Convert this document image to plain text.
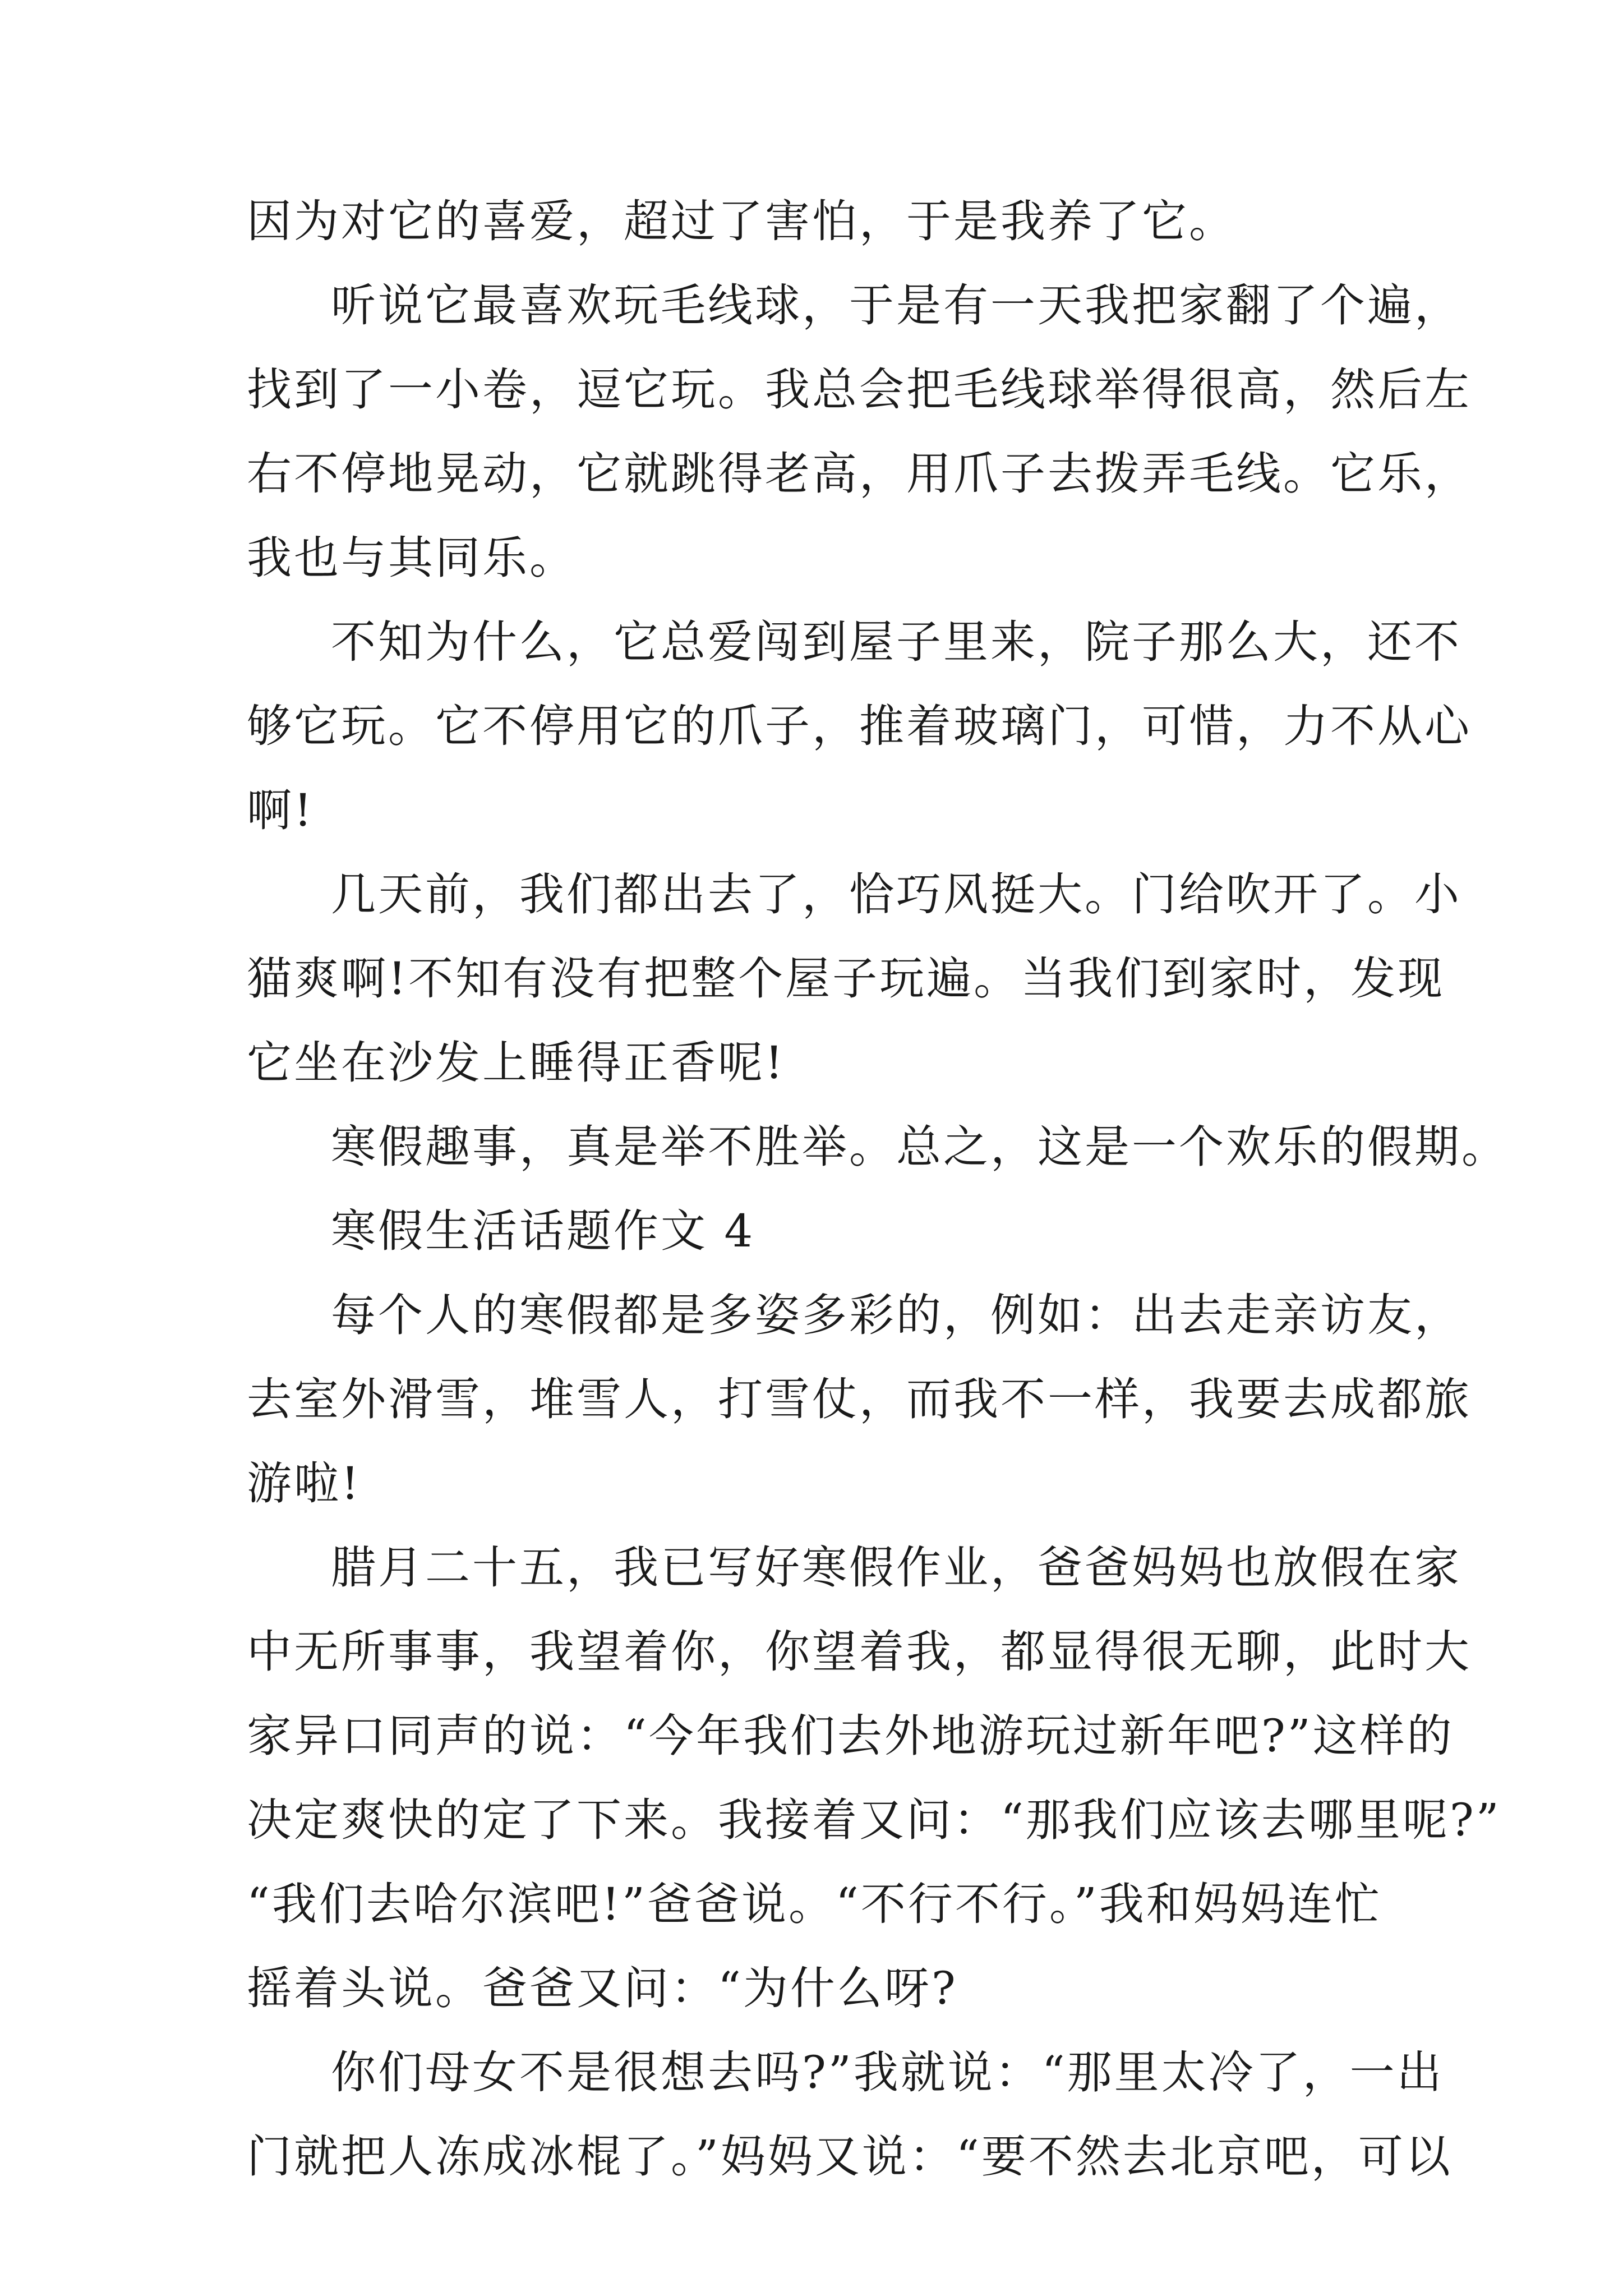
因为对它的喜爱，超过了害怕，于是我养了它。
听说它最喜欢玩毛线球，于是有一天我把家翻了个遍，
找到了一小卷，逗它玩。我总会把毛线球举得很高，然后左
右不停地晃动，它就跳得老高，用爪子去拨弄毛线。它乐，
我也与其同乐。
不知为什么，它总爱闯到屋子里来，院子那么大，还不
够它玩。它不停用它的爪子，推着玻璃门，可惜，力不从心
啊!
几天前，我们都出去了，恰巧风挺大。门给吹开了。小
猫爽啊!不知有没有把整个屋子玩遍。当我们到家时，发现
它坐在沙发上睡得正香呢!
寒假趣事，真是举不胜举。总之，这是一个欢乐的假期。
寒假生活话题作文 4
每个人的寒假都是多姿多彩的，例如：出去走亲访友，
去室外滑雪，堆雪人，打雪仗，而我不一样，我要去成都旅
游啦!
腊月二十五，我已写好寒假作业，爸爸妈妈也放假在家
中无所事事，我望着你，你望着我，都显得很无聊，此时大
家异口同声的说：“今年我们去外地游玩过新年吧?”这样的
决定爽快的定了下来。我接着又问：“那我们应该去哪里呢?”
“我们去哈尔滨吧!”爸爸说。“不行不行。”我和妈妈连忙
摇着头说。爸爸又问：“为什么呀?
你们母女不是很想去吗?”我就说：“那里太冷了，一出
门就把人冻成冰棍了。”妈妈又说：“要不然去北京吧，可以
